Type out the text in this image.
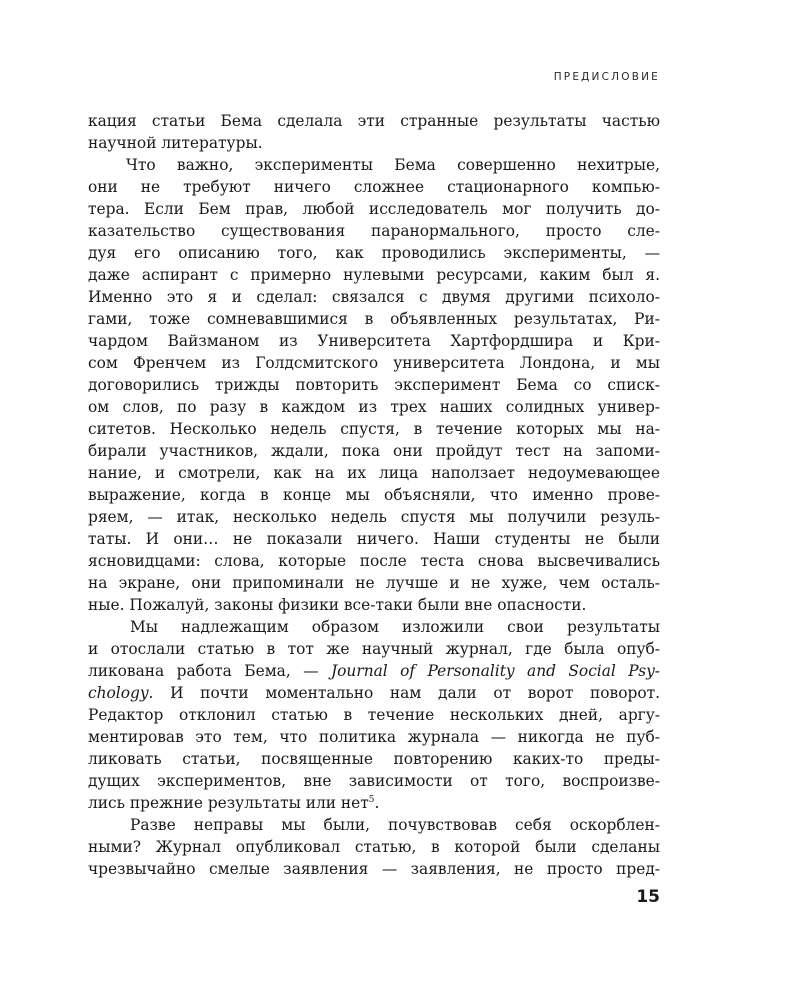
ПРЕДИСЛОВИЕ
кация статьи Бема сделала эти странные результаты частью
научной литературы.
Что важно, эксперименты Бема совершенно нехитрые,
они не требуют ничего сложнее стационарного компью-
тера. Если Бем прав, любой исследователь мог получить до-
казательство существования паранормального, просто сле-
дуя его описанию того, как проводились эксперименты, —
даже аспирант с примерно нулевыми ресурсами, каким был я.
Именно это я и сделал: связался с двумя другими психоло-
гами, тоже сомневавшимися в объявленных результатах, Ри-
чардом Вайзманом из Университета Хартфордшира и Кри-
сом Френчем из Голдсмитского университета Лондона, и мы
договорились трижды повторить эксперимент Бема со списк-
ом слов, по разу в каждом из трех наших солидных универ-
ситетов. Несколько недель спустя, в течение которых мы на-
бирали участников, ждали, пока они пройдут тест на запоми-
нание, и смотрели, как на их лица наползает недоумевающее
выражение, когда в конце мы объясняли, что именно прове-
ряем, — итак, несколько недель спустя мы получили резуль-
таты. И они… не показали ничего. Наши студенты не были
ясновидцами: слова, которые после теста снова высвечивались
на экране, они припоминали не лучше и не хуже, чем осталь-
ные. Пожалуй, законы физики все-таки были вне опасности.
Мы надлежащим образом изложили свои результаты
и отослали статью в тот же научный журнал, где была опуб-
ликована работа Бема, — Journal of Personality and Social Psy-
chology. И почти моментально нам дали от ворот поворот.
Редактор отклонил статью в течение нескольких дней, аргу-
ментировав это тем, что политика журнала — никогда не пуб-
ликовать статьи, посвященные повторению каких-то преды-
дущих экспериментов, вне зависимости от того, воспроизве-
лись прежние результаты или нет$^5$.
Разве неправы мы были, почувствовав себя оскорблен-
ными? Журнал опубликовал статью, в которой были сделаны
чрезвычайно смелые заявления — заявления, не просто пред-
15
